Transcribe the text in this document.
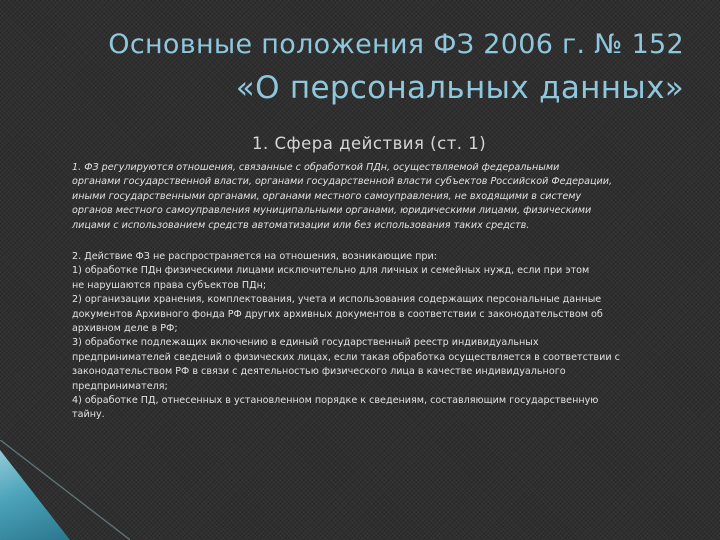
Основные положения ФЗ 2006 г. № 152
«О персональных данных»
1. Сфера действия (ст. 1)
1. ФЗ регулируются отношения, связанные с обработкой ПДн, осуществляемой федеральными
органами государственной власти, органами государственной власти субъектов Российской Федерации,
иными государственными органами, органами местного самоуправления, не входящими в систему
органов местного самоуправления муниципальными органами, юридическими лицами, физическими
лицами с использованием средств автоматизации или без использования таких средств.
2. Действие ФЗ не распространяется на отношения, возникающие при:
1) обработке ПДн физическими лицами исключительно для личных и семейных нужд, если при этом
не нарушаются права субъектов ПДн;
2) организации хранения, комплектования, учета и использования содержащих персональные данные
документов Архивного фонда РФ других архивных документов в соответствии с законодательством об
архивном деле в РФ;
3) обработке подлежащих включению в единый государственный реестр индивидуальных
предпринимателей сведений о физических лицах, если такая обработка осуществляется в соответствии с
законодательством РФ в связи с деятельностью физического лица в качестве индивидуального
предпринимателя;
4) обработке ПД, отнесенных в установленном порядке к сведениям, составляющим государственную
тайну.
